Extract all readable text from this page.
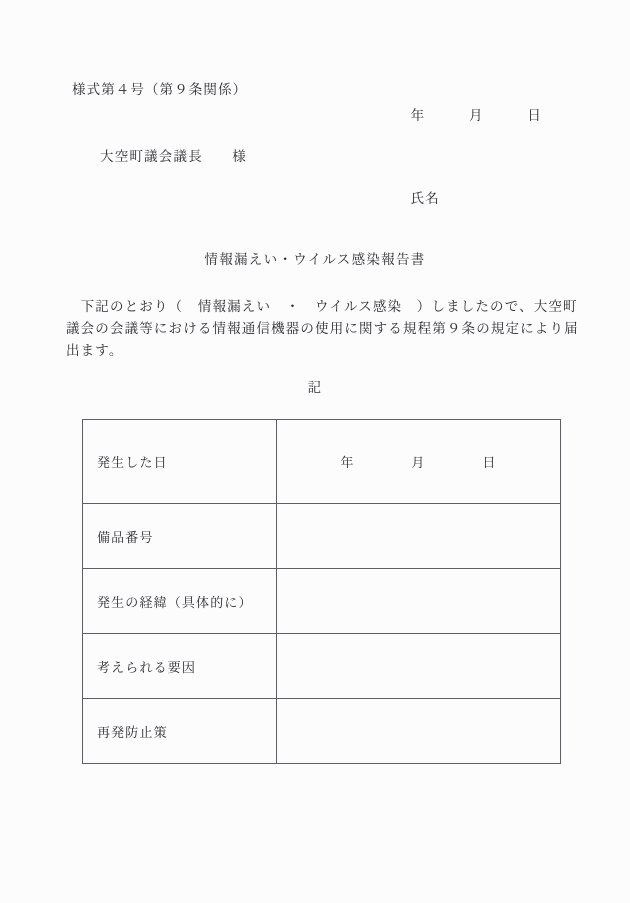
様式第４号（第９条関係）
年　　　月　　　日
大空町議会議長　　様
氏名
情報漏えい・ウイルス感染報告書
　下記のとおり（　情報漏えい　・　ウイルス感染　）しましたので、大空町
議会の会議等における情報通信機器の使用に関する規程第９条の規定により届
出ます。
記
発生した日	年　　　　月　　　　日

備品番号	

発生の経緯（具体的に）	

考えられる要因	

再発防止策	
